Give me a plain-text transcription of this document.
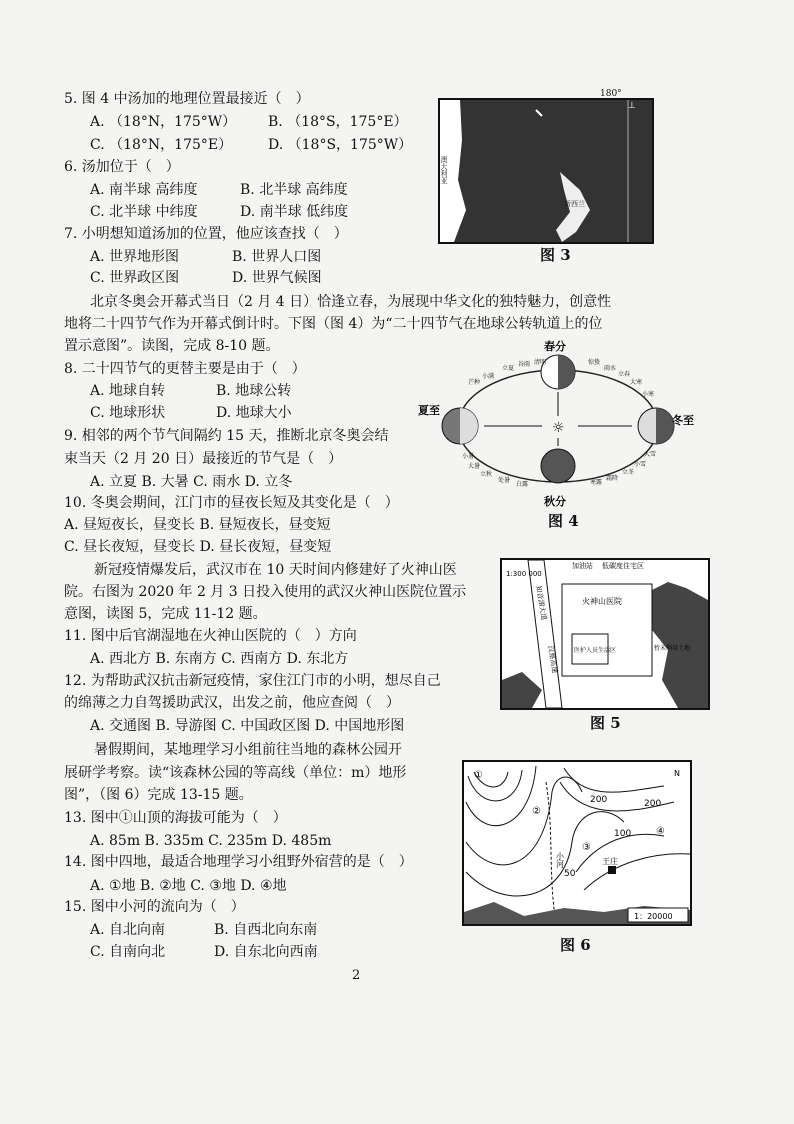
5. 图 4 中汤加的地理位置最接近（　）
A. （18°N，175°W） B. （18°S，175°E）
C. （18°N，175°E）	D. （18°S，175°W）
6. 汤加位于（　）
A. 南半球 高纬度	B. 北半球 高纬度
C. 北半球 中纬度	D. 南半球 低纬度
7. 小明想知道汤加的位置，他应该查找（　）
A. 世界地形图	B. 世界人口图
C. 世界政区图	D. 世界气候图
北京冬奥会开幕式当日（2 月 4 日）恰逢立春，为展现中华文化的独特魅力，创意性
地将二十四节气作为开幕式倒计时。下图（图 4）为“二十四节气在地球公转轨道上的位
置示意图”。读图，完成 8-10 题。
8. 二十四节气的更替主要是由于（　）
A. 地球自转	B. 地球公转
C. 地球形状	D. 地球大小
9. 相邻的两个节气间隔约 15 天，推断北京冬奥会结
束当天（2 月 20 日）最接近的节气是（　）
A. 立夏 B. 大暑 C. 雨水 D. 立冬
10. 冬奥会期间，江门市的昼夜长短及其变化是（　）
A. 昼短夜长，昼变长 B. 昼短夜长，昼变短
C. 昼长夜短，昼变长 D. 昼长夜短，昼变短
新冠疫情爆发后，武汉市在 10 天时间内修建好了火神山医
院。右图为 2020 年 2 月 3 日投入使用的武汉火神山医院位置示
意图，读图 5，完成 11-12 题。
11. 图中后官湖湿地在火神山医院的（　）方向
A. 西北方 B. 东南方 C. 西南方 D. 东北方
12. 为帮助武汉抗击新冠疫情，家住江门市的小明，想尽自己
的绵薄之力自驾援助武汉，出发之前，他应查阅（　）
A. 交通图 B. 导游图 C. 中国政区图 D. 中国地形图
暑假期间，某地理学习小组前往当地的森林公园开
展研学考察。读“该森林公园的等高线（单位：m）地形
图”，（图 6）完成 13-15 题。
13. 图中①山顶的海拔可能为（　）
A. 85m B. 335m C. 235m D. 485m
14. 图中四地，最适合地理学习小组野外宿营的是（　）
A. ①地 B. ②地 C. ③地 D. ④地
15. 图中小河的流向为（　）
A. 自北向南	B. 自西北向东南
C. 自南向北	D. 自东北向西南
2
20°
40°
澳大利亚
新西兰
⊥
180°
图 3
☼
春分
秋分
夏至
冬至
立夏
谷雨 清明	惊蛰
雨水
芒种
小满	立春
大寒
小寒
小暑
大暑
立秋
处暑
白露	寒露
霜降
大雪
小雪
立冬
图 4
1:300 000
加油站 低碳度住宅区
火神山医院
医护人员生活区	暂未利用土地
知音湖大道
汉蔡高速
图 5
①
②
③
④
200	200
100
50
小河	王庄
N
1：20000
图 6
